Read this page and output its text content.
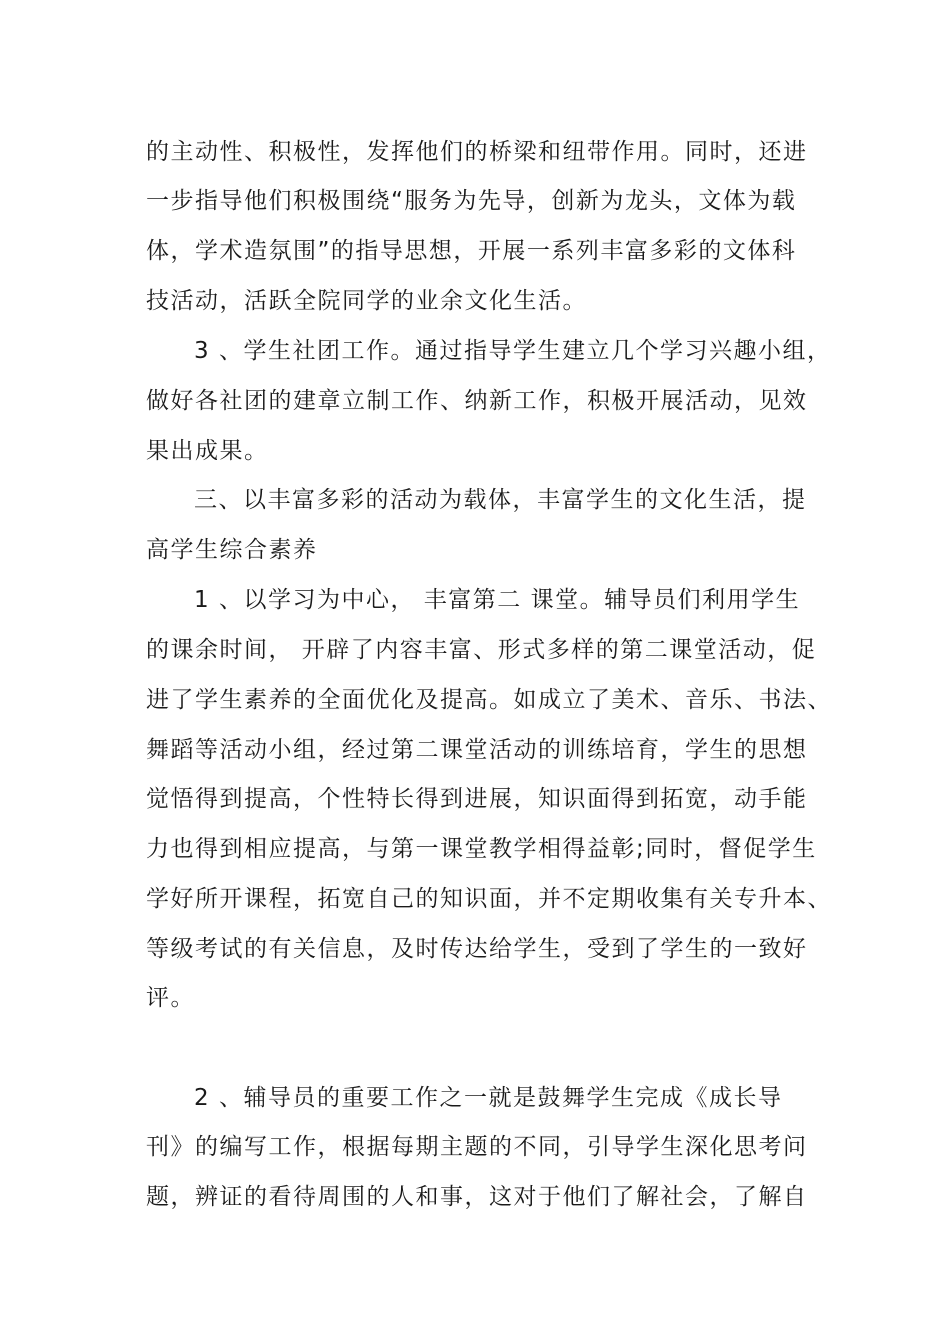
的主动性、积极性，发挥他们的桥梁和纽带作用。同时，还进
一步指导他们积极围绕“服务为先导，创新为龙头，文体为载
体，学术造氛围”的指导思想，开展一系列丰富多彩的文体科
技活动，活跃全院同学的业余文化生活。
3 、学生社团工作。通过指导学生建立几个学习兴趣小组，
做好各社团的建章立制工作、纳新工作，积极开展活动，见效
果出成果。
三、以丰富多彩的活动为载体，丰富学生的文化生活，提
高学生综合素养
1 、以学习为中心， 丰富第二 课堂。辅导员们利用学生
的课余时间， 开辟了内容丰富、形式多样的第二课堂活动，促
进了学生素养的全面优化及提高。如成立了美术、音乐、书法、
舞蹈等活动小组，经过第二课堂活动的训练培育，学生的思想
觉悟得到提高，个性特长得到进展，知识面得到拓宽，动手能
力也得到相应提高，与第一课堂教学相得益彰;同时，督促学生
学好所开课程，拓宽自己的知识面，并不定期收集有关专升本、
等级考试的有关信息，及时传达给学生，受到了学生的一致好
评。
2 、辅导员的重要工作之一就是鼓舞学生完成《成长导
刊》的编写工作，根据每期主题的不同，引导学生深化思考问
题，辨证的看待周围的人和事，这对于他们了解社会，了解自
